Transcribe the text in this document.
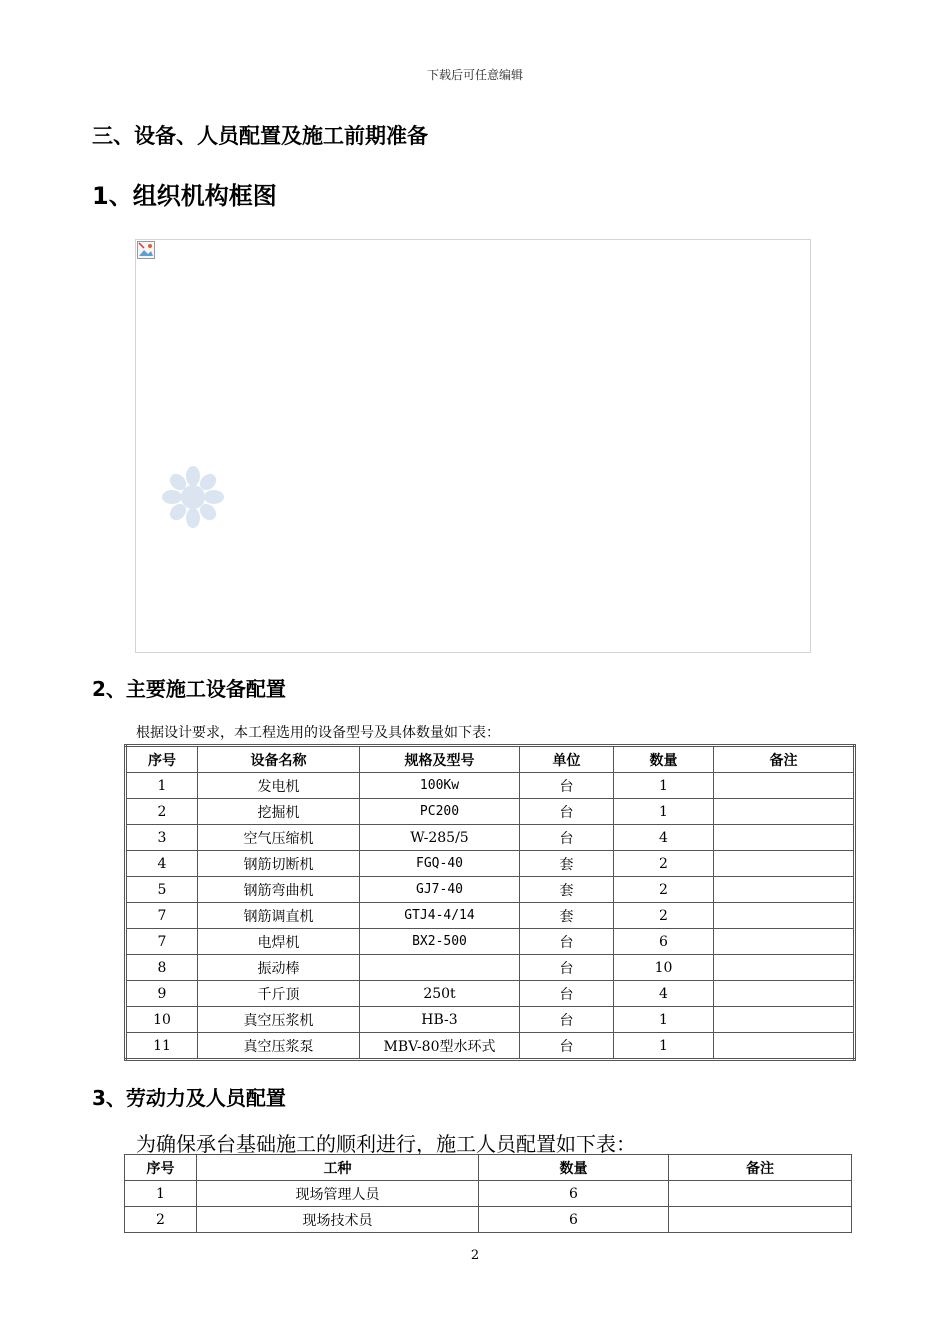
下载后可任意编辑
三、设备、人员配置及施工前期准备
1、组织机构框图
2、主要施工设备配置
根据设计要求，本工程选用的设备型号及具体数量如下表：
序号	设备名称	规格及型号	单位	数量	备注
1	发电机	100Kw	台	1	
2	挖掘机	PC200	台	1	
3	空气压缩机	W-285/5	台	4	
4	钢筋切断机	FGQ-40	套	2	
5	钢筋弯曲机	GJ7-40	套	2	
7	钢筋调直机	GTJ4-4/14	套	2	
7	电焊机	BX2-500	台	6	
8	振动棒		台	10	
9	千斤顶	250t	台	4	
10	真空压浆机	HB-3	台	1	
11	真空压浆泵	MBV-80型水环式	台	1	
3、劳动力及人员配置
为确保承台基础施工的顺利进行，施工人员配置如下表：
序号	工种	数量	备注
1	现场管理人员	6	
2	现场技术员	6	
2
